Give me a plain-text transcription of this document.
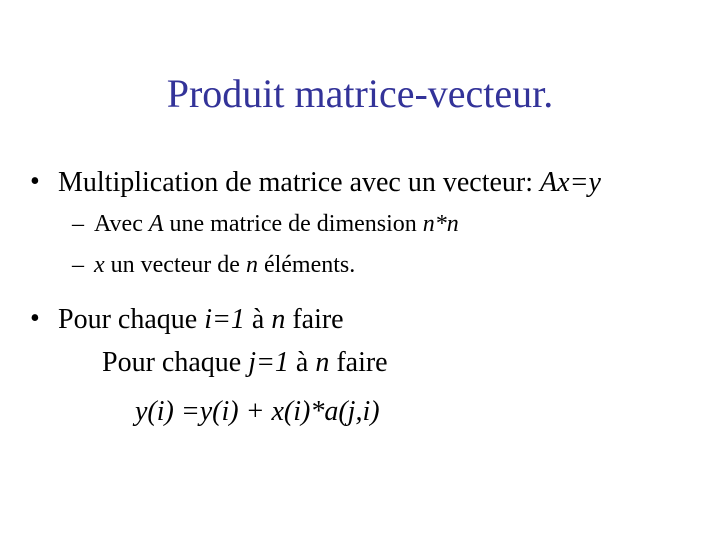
Produit matrice-vecteur.
• Multiplication de matrice avec un vecteur: Ax=y
– Avec A une matrice de dimension n*n
– x un vecteur de n éléments.
• Pour chaque i=1 à n faire
Pour chaque j=1 à n faire
y(i) =y(i) + x(i)*a(j,i)
